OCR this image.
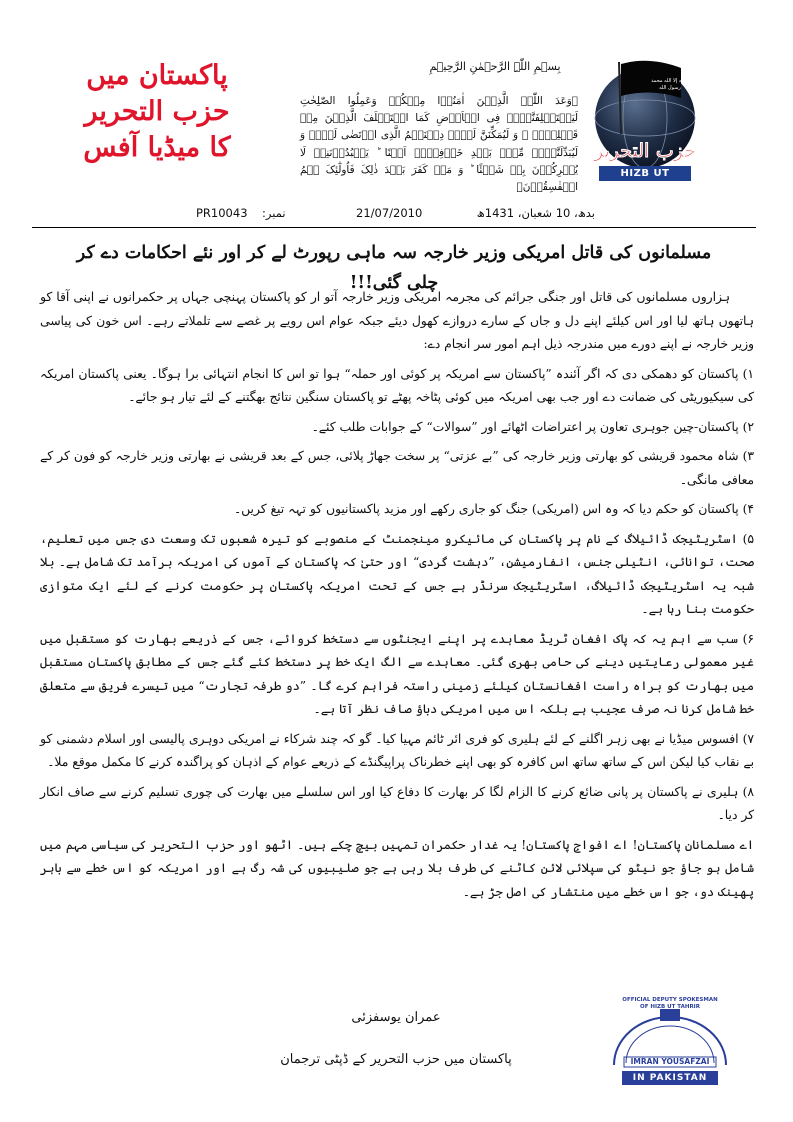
پاکستان میں
حزب التحریر
کا میڈیا آفس
بِسۡمِ اللّٰہِ الرَّحۡمٰنِ الرَّحِیۡمِ
﴿وَعَدَ اللّٰہُ الَّذِیۡنَ اٰمَنُوۡا مِنۡکُمۡ وَعَمِلُوا الصّٰلِحٰتِ لَیَسۡتَخۡلِفَنَّہُمۡ فِی الۡاَرۡضِ کَمَا اسۡتَخۡلَفَ الَّذِیۡنَ مِنۡ قَبۡلِہِمۡ ۪ وَ لَیُمَکِّنَنَّ لَہُمۡ دِیۡنَہُمُ الَّذِی ارۡتَضٰی لَہُمۡ وَ لَیُبَدِّلَنَّہُمۡ مِّنۡۢ بَعۡدِ خَوۡفِہِمۡ اَمۡنًا ؕ یَعۡبُدُوۡنَنِیۡ لَا یُشۡرِکُوۡنَ بِیۡ شَیۡئًا ؕ وَ مَنۡ کَفَرَ بَعۡدَ ذٰلِکَ فَاُولٰٓئِکَ ہُمُ الۡفٰسِقُوۡنَ﴾
لا إله إلا الله محمد رسول الله
حزب التحریر
HIZB UT TAHRIR
PR10043 نمبر:	21/07/2010	بدھ، 10 شعبان، 1431ھ
مسلمانوں کی قاتل امریکی وزیر خارجہ سہ ماہی رپورٹ لے کر اور نئے احکامات دے کر چلی گئی!!!

ہزاروں مسلمانوں کی قاتل اور جنگی جرائم کی مجرمہ امریکی وزیر خارجہ آتو ار کو پاکستان پہنچی جہاں پر حکمرانوں نے اپنی آقا کو ہاتھوں ہاتھ لیا اور اس کیلئے اپنے دل و جاں کے سارے دروازے کھول دیئے جبکہ عوام اس رویے پر غصے سے تلملاتے رہے۔ اس خون کی پیاسی وزیر خارجہ نے اپنے دورے میں مندرجہ ذیل اہم امور سر انجام دے:

۱) پاکستان کو دھمکی دی کہ اگر آئندہ ”پاکستان سے امریکہ پر کوئی اور حملہ“ ہوا تو اس کا انجام انتہائی برا ہوگا۔ یعنی پاکستان امریکہ کی سیکیوریٹی کی ضمانت دے اور جب بھی امریکہ میں کوئی پٹاخہ پھٹے تو پاکستان سنگین نتائج بھگتنے کے لئے تیار ہو جائے۔

۲) پاکستان-چین جوہری تعاون پر اعتراضات اٹھائے اور ”سوالات“ کے جوابات طلب کئے۔

۳) شاہ محمود قریشی کو بھارتی وزیر خارجہ کی ”بے عزتی“ پر سخت جھاڑ پلائی، جس کے بعد قریشی نے بھارتی وزیر خارجہ کو فون کر کے معافی مانگی۔

۴) پاکستان کو حکم دیا کہ وہ اس (امریکی) جنگ کو جاری رکھے اور مزید پاکستانیوں کو تہہ تیغ کریں۔

۵) اسٹریٹیجک ڈائیلاگ کے نام پر پاکستان کی مائیکرو مینجمنٹ کے منصوبے کو تیرہ شعبوں تک وسعت دی جس میں تعلیم، صحت، توانائی، انٹیلی جنس، انفارمیشن، ”دہشت گردی“ اور حتیٰ کہ پاکستان کے آموں کی امریکہ برآمد تک شامل ہے۔ بلا شبہ یہ اسٹریٹیجک ڈائیلاگ، اسٹریٹیجک سرنڈر ہے جس کے تحت امریکہ پاکستان پر حکومت کرنے کے لئے ایک متوازی حکومت بنا رہا ہے۔

۶) سب سے اہم یہ کہ پاک افغان ٹریڈ معاہدے پر اپنے ایجنٹوں سے دستخط کروائے، جس کے ذریعے بھارت کو مستقبل میں غیر معمولی رعایتیں دینے کی حامی بھری گئی۔ معاہدے سے الگ ایک خط پر دستخط کئے گئے جس کے مطابق پاکستان مستقبل میں بھارت کو براہ راست افغانستان کیلئے زمینی راستہ فراہم کرے گا۔ ”دو طرفہ تجارت“ میں تیسرے فریق سے متعلق خط شامل کرنا نہ صرف عجیب ہے بلکہ اس میں امریکی دباؤ صاف نظر آتا ہے۔

۷) افسوس میڈیا نے بھی زہر اگلنے کے لئے ہلیری کو فری ائر ٹائم مہیا کیا۔ گو کہ چند شرکاء نے امریکی دوہری پالیسی اور اسلام دشمنی کو بے نقاب کیا لیکن اس کے ساتھ ساتھ اس کافرہ کو بھی اپنے خطرناک پراپیگنڈے کے ذریعے عوام کے اذہان کو پراگندہ کرنے کا مکمل موقع ملا۔

۸) ہلیری نے پاکستان پر پانی ضائع کرنے کا الزام لگا کر بھارت کا دفاع کیا اور اس سلسلے میں بھارت کی چوری تسلیم کرنے سے صاف انکار کر دیا۔

اے مسلمانانِ پاکستان! اے افواجِ پاکستان! یہ غدار حکمران تمہیں بیچ چکے ہیں۔ اٹھو اور حزب التحریر کی سیاسی مہم میں شامل ہو جاؤ جو نیٹو کی سپلائی لائن کاٹنے کی طرف بلا رہی ہے جو صلیبیوں کی شہ رگ ہے اور امریکہ کو اس خطے سے باہر پھینک دو، جو اس خطے میں منتشار کی اصل جڑ ہے۔

عمران یوسفزئی
پاکستان میں حزب التحریر کے ڈپٹی ترجمان
OFFICIAL DEPUTY SPOKESMAN OF HIZB UT TAHRIR
IMRAN YOUSAFZAI
IN PAKISTAN
